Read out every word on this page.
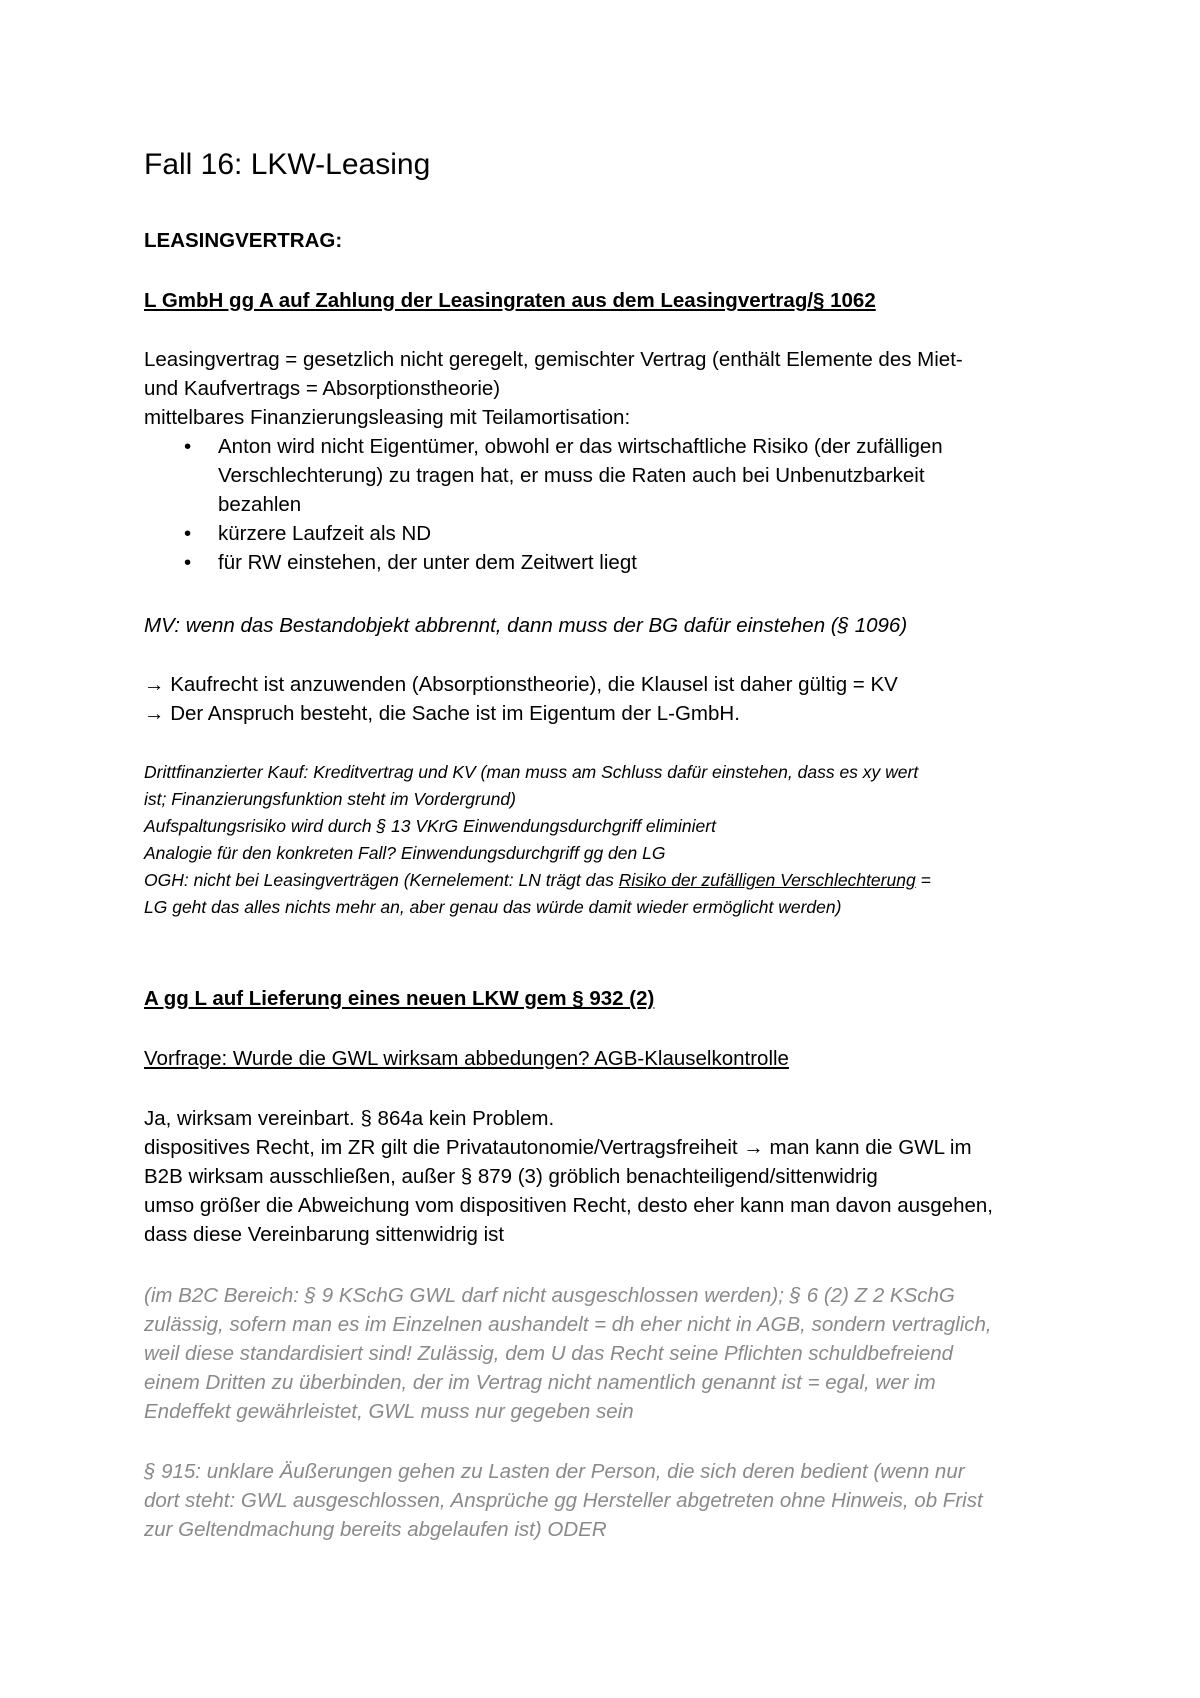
Fall 16: LKW-Leasing
LEASINGVERTRAG:
L GmbH gg A auf Zahlung der Leasingraten aus dem Leasingvertrag/§ 1062
Leasingvertrag = gesetzlich nicht geregelt, gemischter Vertrag (enthält Elemente des Miet-
und Kaufvertrags = Absorptionstheorie)
mittelbares Finanzierungsleasing mit Teilamortisation:
• Anton wird nicht Eigentümer, obwohl er das wirtschaftliche Risiko (der zufälligen
Verschlechterung) zu tragen hat, er muss die Raten auch bei Unbenutzbarkeit
bezahlen
• kürzere Laufzeit als ND
• für RW einstehen, der unter dem Zeitwert liegt
MV: wenn das Bestandobjekt abbrennt, dann muss der BG dafür einstehen (§ 1096)
→ Kaufrecht ist anzuwenden (Absorptionstheorie), die Klausel ist daher gültig = KV
→ Der Anspruch besteht, die Sache ist im Eigentum der L-GmbH.
Drittfinanzierter Kauf: Kreditvertrag und KV (man muss am Schluss dafür einstehen, dass es xy wert
ist; Finanzierungsfunktion steht im Vordergrund)
Aufspaltungsrisiko wird durch § 13 VKrG Einwendungsdurchgriff eliminiert
Analogie für den konkreten Fall? Einwendungsdurchgriff gg den LG
OGH: nicht bei Leasingverträgen (Kernelement: LN trägt das Risiko der zufälligen Verschlechterung =
LG geht das alles nichts mehr an, aber genau das würde damit wieder ermöglicht werden)
A gg L auf Lieferung eines neuen LKW gem § 932 (2)
Vorfrage: Wurde die GWL wirksam abbedungen? AGB-Klauselkontrolle
Ja, wirksam vereinbart. § 864a kein Problem.
dispositives Recht, im ZR gilt die Privatautonomie/Vertragsfreiheit → man kann die GWL im
B2B wirksam ausschließen, außer § 879 (3) gröblich benachteiligend/sittenwidrig
umso größer die Abweichung vom dispositiven Recht, desto eher kann man davon ausgehen,
dass diese Vereinbarung sittenwidrig ist
(im B2C Bereich: § 9 KSchG GWL darf nicht ausgeschlossen werden); § 6 (2) Z 2 KSchG
zulässig, sofern man es im Einzelnen aushandelt = dh eher nicht in AGB, sondern vertraglich,
weil diese standardisiert sind! Zulässig, dem U das Recht seine Pflichten schuldbefreiend
einem Dritten zu überbinden, der im Vertrag nicht namentlich genannt ist = egal, wer im
Endeffekt gewährleistet, GWL muss nur gegeben sein
§ 915: unklare Äußerungen gehen zu Lasten der Person, die sich deren bedient (wenn nur
dort steht: GWL ausgeschlossen, Ansprüche gg Hersteller abgetreten ohne Hinweis, ob Frist
zur Geltendmachung bereits abgelaufen ist) ODER
